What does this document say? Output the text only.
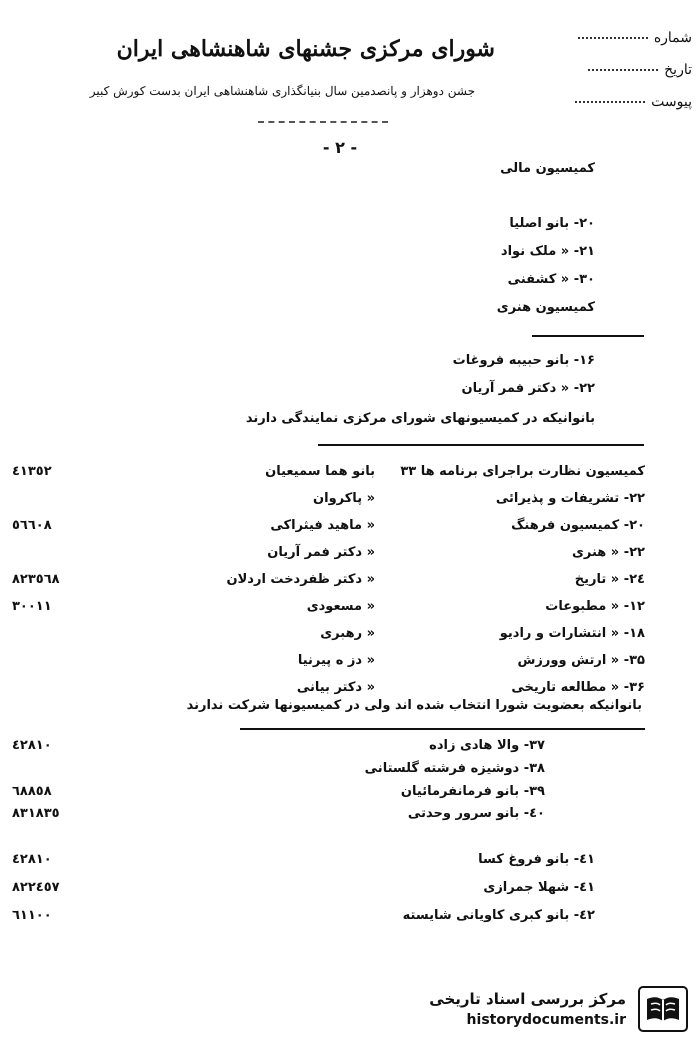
شورای مرکزی جشنهای شاهنشاهی ایران
جشن دوهزار و پانصدمین سال بنیانگذاری شاهنشاهی ایران بدست کورش کبیر
شماره
تاریخ
پیوست
- ۲ -
کمیسیون مالی
۲۰- بانو اصلیا
۲۱- « ملک نواد
۳۰- « کشفنی
کمیسیون هنری
۱۶- بانو حبیبه فروغات
۲۲- « دکتر فمر آریان
بانوانیکه در کمیسیونهای شورای مرکزی نمایندگی دارند
کمیسیون نظارت براجرای برنامه ها ۳۳
بانو هما سمیعیان
٤١٣٥٢
۲۲- تشریفات و پذیرائی
« پاکروان
۲۰- کمیسیون فرهنگ
« ماهید فیثراکی
٥٦٦٠٨
۲۲- « هنری
« دکتر فمر آریان
۲٤- « تاریخ
« دکتر ظفردخت اردلان
٨٢٣٥٦٨
۱۲- « مطبوعات
« مسعودی
٣٠٠١١
۱۸- « انتشارات و رادیو
« رهبری
۳۵- « ارتش وورزش
« دز ه پیرنیا
۳۶- « مطالعه تاریخی
« دکتر بیانی
بانوانیکه بعضویت شورا انتخاب شده اند ولی در کمیسیونها شرکت ندارند
۳۷- والا هادی زاده
٤٢٨١٠
۳۸- دوشیزه فرشته گلستانی
۳۹- بانو فرمانفرمائیان
٦٨٨٥٨
٤٠- بانو سرور وحدتی
٨٣١٨٣٥
٤١- بانو فروغ کسا
٤٢٨١٠
٤١- شهلا جمرازی
٨٢٢٤٥٧
٤٢- بانو کبری کاویانی شایسته
٦١١٠٠
مرکز بررسی اسناد تاریخی
historydocuments.ir
